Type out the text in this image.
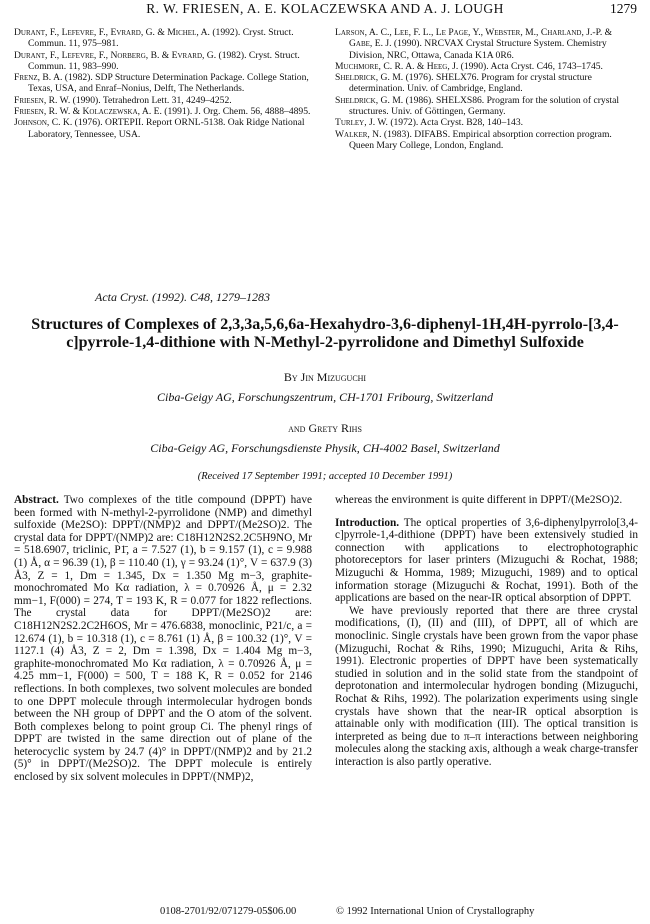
R. W. FRIESEN, A. E. KOLACZEWSKA AND A. J. LOUGH	1279

Durant, F., Lefevre, F., Evrard, G. & Michel, A. (1992). Cryst. Struct. Commun. 11, 975–981.

Durant, F., Lefevre, F., Norberg, B. & Evrard, G. (1982). Cryst. Struct. Commun. 11, 983–990.

Frenz, B. A. (1982). SDP Structure Determination Package. College Station, Texas, USA, and Enraf–Nonius, Delft, The Netherlands.

Friesen, R. W. (1990). Tetrahedron Lett. 31, 4249–4252.

Friesen, R. W. & Kolaczewska, A. E. (1991). J. Org. Chem. 56, 4888–4895.

Johnson, C. K. (1976). ORTEPII. Report ORNL-5138. Oak Ridge National Laboratory, Tennessee, USA.

Larson, A. C., Lee, F. L., Le Page, Y., Webster, M., Charland, J.-P. & Gabe, E. J. (1990). NRCVAX Crystal Structure System. Chemistry Division, NRC, Ottawa, Canada K1A 0R6.

Muchmore, C. R. A. & Heeg, J. (1990). Acta Cryst. C46, 1743–1745.

Sheldrick, G. M. (1976). SHELX76. Program for crystal structure determination. Univ. of Cambridge, England.

Sheldrick, G. M. (1986). SHELXS86. Program for the solution of crystal structures. Univ. of Göttingen, Germany.

Turley, J. W. (1972). Acta Cryst. B28, 140–143.

Walker, N. (1983). DIFABS. Empirical absorption correction program. Queen Mary College, London, England.

Acta Cryst. (1992). C48, 1279–1283
Structures of Complexes of 2,3,3a,5,6,6a-Hexahydro-3,6-diphenyl-1H,4H-pyrrolo-[3,4-c]pyrrole-1,4-dithione with N-Methyl-2-pyrrolidone and Dimethyl Sulfoxide
By Jin Mizuguchi
Ciba-Geigy AG, Forschungszentrum, CH-1701 Fribourg, Switzerland
and Grety Rihs
Ciba-Geigy AG, Forschungsdienste Physik, CH-4002 Basel, Switzerland
(Received 17 September 1991; accepted 10 December 1991)

Abstract. Two complexes of the title compound (DPPT) have been formed with N-methyl-2-pyrrolidone (NMP) and dimethyl sulfoxide (Me2SO): DPPT/(NMP)2 and DPPT/(Me2SO)2. The crystal data for DPPT/(NMP)2 are: C18H12N2S2.2C5H9NO, Mr = 518.6907, triclinic, P1̄, a = 7.527 (1), b = 9.157 (1), c = 9.988 (1) Å, α = 96.39 (1), β = 110.40 (1), γ = 93.24 (1)°, V = 637.9 (3) Å3, Z = 1, Dm = 1.345, Dx = 1.350 Mg m−3, graphite-monochromated Mo Kα radiation, λ = 0.70926 Å, μ = 2.32 mm−1, F(000) = 274, T = 193 K, R = 0.077 for 1822 reflections. The crystal data for DPPT/(Me2SO)2 are: C18H12N2S2.2C2H6OS, Mr = 476.6838, monoclinic, P21/c, a = 12.674 (1), b = 10.318 (1), c = 8.761 (1) Å, β = 100.32 (1)°, V = 1127.1 (4) Å3, Z = 2, Dm = 1.398, Dx = 1.404 Mg m−3, graphite-monochromated Mo Kα radiation, λ = 0.70926 Å, μ = 4.25 mm−1, F(000) = 500, T = 188 K, R = 0.052 for 2146 reflections. In both complexes, two solvent molecules are bonded to one DPPT molecule through intermolecular hydrogen bonds between the NH group of DPPT and the O atom of the solvent. Both complexes belong to point group Ci. The phenyl rings of DPPT are twisted in the same direction out of plane of the heterocyclic system by 24.7 (4)° in DPPT/(NMP)2 and by 21.2 (5)° in DPPT/(Me2SO)2. The DPPT molecule is entirely enclosed by six solvent molecules in DPPT/(NMP)2,

whereas the environment is quite different in DPPT/(Me2SO)2.

Introduction. The optical properties of 3,6-diphenylpyrrolo[3,4-c]pyrrole-1,4-dithione (DPPT) have been extensively studied in connection with applications to electrophotographic photoreceptors for laser printers (Mizuguchi & Rochat, 1988; Mizuguchi & Homma, 1989; Mizuguchi, 1989) and to optical information storage (Mizuguchi & Rochat, 1991). Both of the applications are based on the near-IR optical absorption of DPPT.

We have previously reported that there are three crystal modifications, (I), (II) and (III), of DPPT, all of which are monoclinic. Single crystals have been grown from the vapor phase (Mizuguchi, Rochat & Rihs, 1990; Mizuguchi, Arita & Rihs, 1991). Electronic properties of DPPT have been systematically studied in solution and in the solid state from the standpoint of deprotonation and intermolecular hydrogen bonding (Mizuguchi, Rochat & Rihs, 1992). The polarization experiments using single crystals have shown that the near-IR optical absorption is attainable only with modification (III). The optical transition is interpreted as being due to π–π interactions between neighboring molecules along the stacking axis, although a weak charge-transfer interaction is also partly operative.

0108-2701/92/071279-05$06.00	© 1992 International Union of Crystallography
